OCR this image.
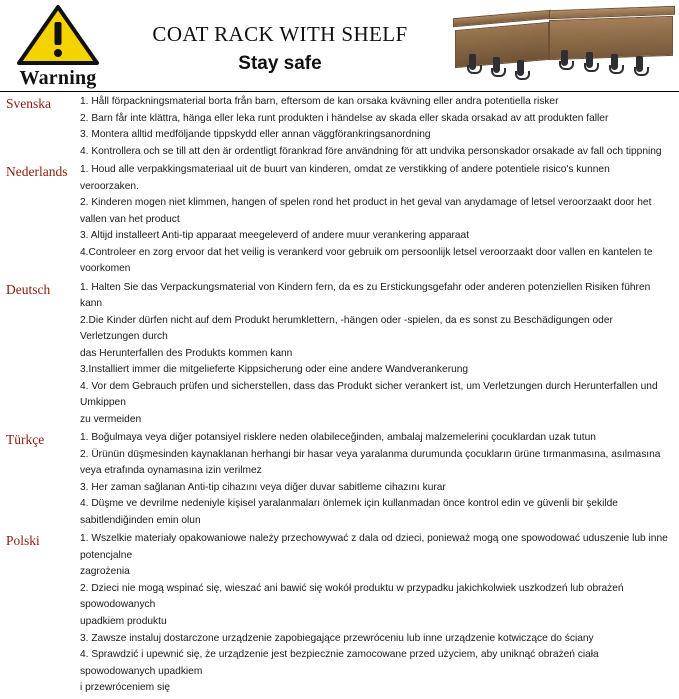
Warning
COAT RACK WITH SHELF
Stay safe
Svenska	1. Håll förpackningsmaterial borta från barn, eftersom de kan orsaka kvävning eller andra potentiella risker
2. Barn får inte klättra, hänga eller leka runt produkten i händelse av skada eller skada orsakad av att produkten faller
3. Montera alltid medföljande tippskydd eller annan väggförankringsanordning
4. Kontrollera och se till att den är ordentligt förankrad före användning för att undvika personskador orsakade av fall och tippning
Nederlands	1. Houd alle verpakkingsmateriaal uit de buurt van kinderen, omdat ze verstikking of andere potentiele risico's kunnen
veroorzaken.
2. Kinderen mogen niet klimmen, hangen of spelen rond het product in het geval van anydamage of letsel veroorzaakt door het
vallen van het product
3. Altijd installeert Anti-tip apparaat meegeleverd of andere muur verankering apparaat
4.Controleer en zorg ervoor dat het veilig is verankerd voor gebruik om persoonlijk letsel veroorzaakt door vallen en kantelen te
voorkomen
Deutsch	1. Halten Sie das Verpackungsmaterial von Kindern fern, da es zu Erstickungsgefahr oder anderen potenziellen Risiken führen kann
2.Die Kinder dürfen nicht auf dem Produkt herumklettern, -hängen oder -spielen, da es sonst zu Beschädigungen oder Verletzungen durch
das Herunterfallen des Produkts kommen kann
3.Installiert immer die mitgelieferte Kippsicherung oder eine andere Wandverankerung
4. Vor dem Gebrauch prüfen und sicherstellen, dass das Produkt sicher verankert ist, um Verletzungen durch Herunterfallen und Umkippen
zu vermeiden
Türkçe	1. Boğulmaya veya diğer potansiyel risklere neden olabileceğinden, ambalaj malzemelerini çocuklardan uzak tutun
2. Ürünün düşmesinden kaynaklanan herhangi bir hasar veya yaralanma durumunda çocukların ürüne tırmanmasına, asılmasına
veya etrafında oynamasına izin verilmez
3. Her zaman sağlanan Anti-tip cihazını veya diğer duvar sabitleme cihazını kurar
4. Düşme ve devrilme nedeniyle kişisel yaralanmaları önlemek için kullanmadan önce kontrol edin ve güvenli bir şekilde
sabitlendiğinden emin olun
Polski	1. Wszelkie materiały opakowaniowe należy przechowywać z dala od dzieci, ponieważ mogą one spowodować uduszenie lub inne potencjalne
zagrożenia
2. Dzieci nie mogą wspinać się, wieszać ani bawić się wokół produktu w przypadku jakichkolwiek uszkodzeń lub obrażeń spowodowanych
upadkiem produktu
3. Zawsze instaluj dostarczone urządzenie zapobiegające przewróceniu lub inne urządzenie kotwiczące do ściany
4. Sprawdzić i upewnić się, że urządzenie jest bezpiecznie zamocowane przed użyciem, aby uniknąć obrażeń ciała spowodowanych upadkiem
i przewróceniem się
